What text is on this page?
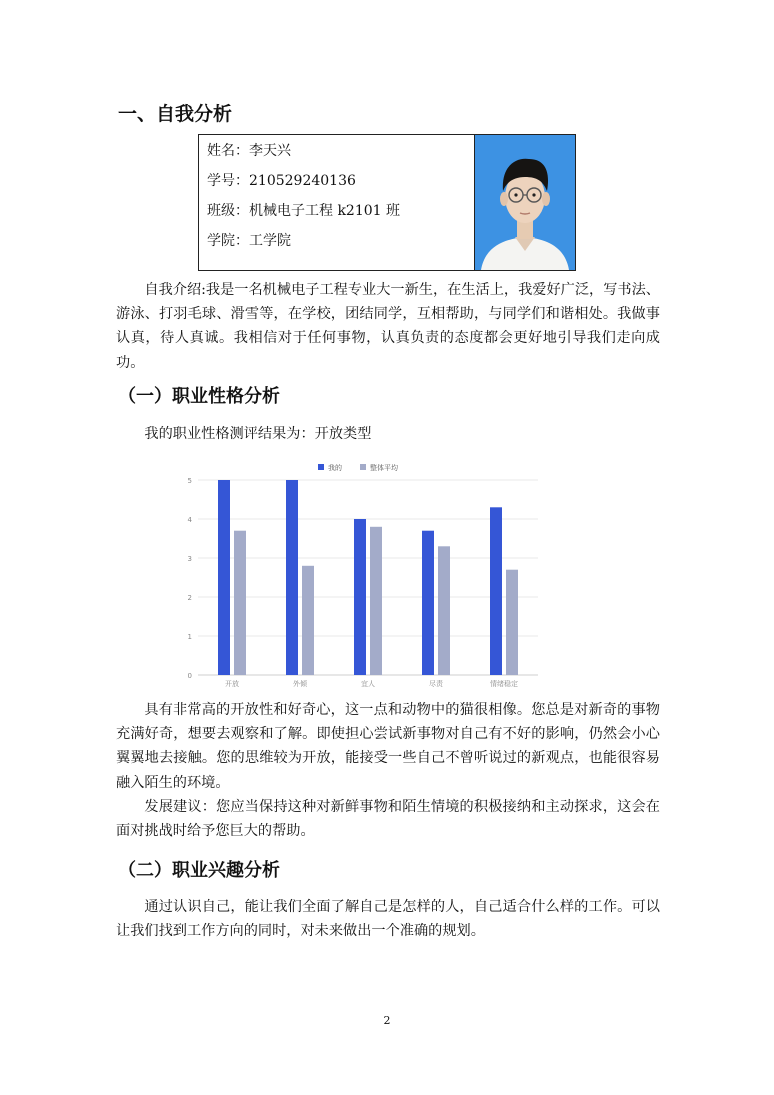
一、自我分析
姓名：李天兴
学号：210529240136
班级：机械电子工程 k2101 班
学院：工学院

自我介绍:我是一名机械电子工程专业大一新生，在生活上，我爱好广泛，写书法、游泳、打羽毛球、滑雪等，在学校，团结同学，互相帮助，与同学们和谐相处。我做事认真，待人真诚。我相信对于任何事物，认真负责的态度都会更好地引导我们走向成功。

（一）职业性格分析

我的职业性格测评结果为：开放类型

0
1
2
3
4
5
开放	外倾	宜人	尽责	情绪稳定
我的	整体平均

具有非常高的开放性和好奇心，这一点和动物中的猫很相像。您总是对新奇的事物充满好奇，想要去观察和了解。即使担心尝试新事物对自己有不好的影响，仍然会小心翼翼地去接触。您的思维较为开放，能接受一些自己不曾听说过的新观点，也能很容易融入陌生的环境。

发展建议：您应当保持这种对新鲜事物和陌生情境的积极接纳和主动探求，这会在面对挑战时给予您巨大的帮助。

（二）职业兴趣分析

通过认识自己，能让我们全面了解自己是怎样的人，自己适合什么样的工作。可以让我们找到工作方向的同时，对未来做出一个准确的规划。

2
